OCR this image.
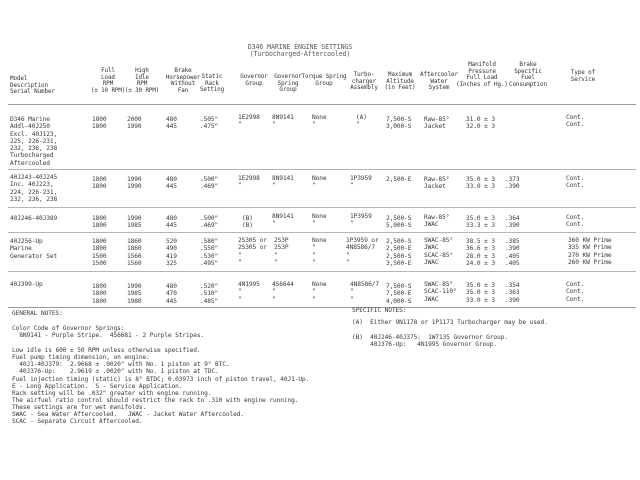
D346 MARINE ENGINE SETTINGS
(Turbocharged-Aftercooled)
Model
Description
Serial Number
Full
Load
RPM
(± 10 RPM)
High
Idle
RPM
(± 30 RPM)
Brake
Horsepower
Without
Fan
Static
Rack
Setting
Governor
Group
Governor
Spring
Group
Torque Spring
Group
Turbo-
charger
Assembly
Maximum
Altitude
(in Feet)
Aftercooler
Water
System
Manifold
Pressure
Full Load
(Inches of Hg.)
Brake
Specific
Fuel
Consumption
Type of
Service
D346 Marine
Addl-40J250
Excl. 40J123,
225, 226-231,
232, 236, 238
Turbocharged
Aftercooled
1800
1800
2000
1990
480
445
.505"
.475"
1E2998
"
8N9141
"
None
"
(A)
"
7,500-S
3,000-S
Raw-85°
Jacket
31.0 ± 3
32.0 ± 3
Cont.
Cont.
40J243-40J245
Inc. 40J223,
224, 226-231,
232, 236, 238
1800
1800
1990
1990
480
445
.500"
.469"
1E2998
"
8N9141
"
None
"
1P3959
"
2,500-E Raw-85°
Jacket
35.0 ± 3
33.0 ± 3
.373
.390
Cont.
Cont.
40J246-40J389	1800
1800
1990
1985
480
445
.500"
.469"
(B)
(B)
8N9141
"
None
"
1P3959
"
2,500-S
5,000-S
Raw-85°
JWAC
35.0 ± 3
33.3 ± 3
.364
.390
Cont.
Cont.
40J256-Up
Marine
Generator Set
1800
1800
1500
1500
1860
1860
1560
1560
520
490
419
325
.580"
.550"
.530"
.495"
2S305 or
2S305 or
"
"
2S3P
2S3P
"
"
None
"
"
"
1P3959 or
4N8586/7
"
"
2,500-S
2,500-E
2,500-S
3,500-E
SWAC-85°
JWAC
SCAC-85°
JWAC
38.5 ± 3
36.6 ± 3
28.0 ± 3
24.0 ± 3
.385
.390
.405
.405
360 KW Prime
335 KW Prime
270 KW Prime
260 KW Prime
40J399-Up	1800
1800
1800
1990
1985
1980
480
470
445
.520"
.510"
.485"
4N1995
"
"
4S6644
"
"
None
"
"
4N8586/7
"
"
7,500-S
7,500-E
4,000-S
SWAC-85°
SCAC-110°
JWAC
35.0 ± 3
35.0 ± 3
33.0 ± 3
.354
.363
.390
Cont.
Cont.
Cont.
GENERAL NOTES:
Color Code of Governor Springs:
8N9141 - Purple Stripe.  4S6681 - 2 Purple Stripes.
Low idle is 600 ± 50 RPM unless otherwise specified.
Fuel pump timing dimension, on engine:
40J1-40J379:  2.9668 ± .0020" with No. 1 piston at 9° BTC.
40J376-Up:    2.9619 ± .0020" with No. 1 piston at TDC.
Fuel injection timing (static) is 8° BTDC; 0.03973 inch of piston travel, 40J1-Up.
E - Long Application.  S - Service Application.
Rack setting will be .032" greater with engine running.
The airfuel ratio control should restrict the rack to .310 with engine running.
These settings are for wet manifolds.
SWAC - Sea Water Aftercooled.   JWAC - Jacket Water Aftercooled.
SCAC - Separate Circuit Aftercooled.
SPECIFIC NOTES:
(A)  Either 9N1178 or 1P1173 Turbocharger may be used.
(B)  40J246-40J375:  1W7135 Governor Group.
40J376-Up:   4N1995 Governor Group.
